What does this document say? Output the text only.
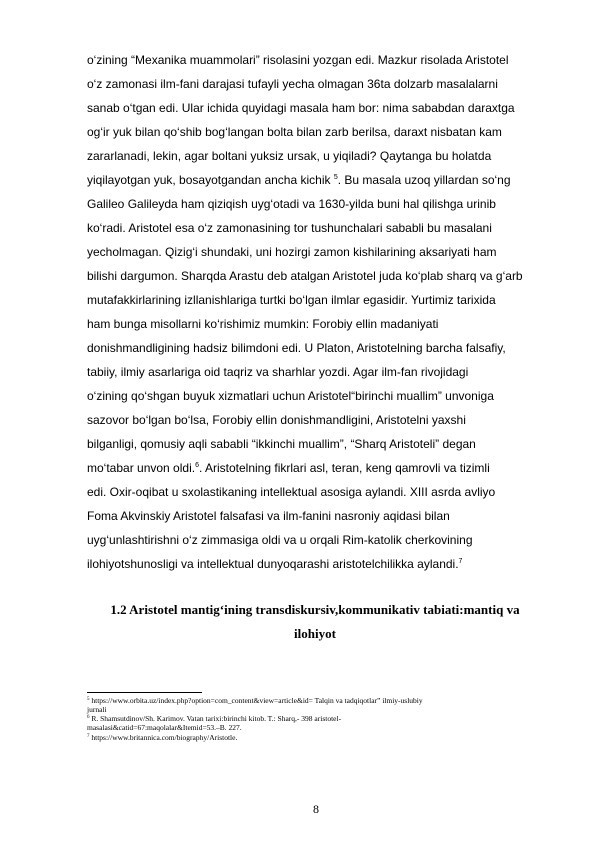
o‘zining “Mexanika muammolari” risolasini yozgan edi. Mazkur risolada Aristotel
o‘z zamonasi ilm-fani darajasi tufayli yecha olmagan 36ta dolzarb masalalarni
sanab o‘tgan edi. Ular ichida quyidagi masala ham bor: nima sababdan daraxtga
og‘ir yuk bilan qo‘shib bog‘langan bolta bilan zarb berilsa, daraxt nisbatan kam
zararlanadi, lekin, agar boltani yuksiz ursak, u yiqiladi? Qaytanga bu holatda
yiqilayotgan yuk, bosayotgandan ancha kichik $^5$. Bu masala uzoq yillardan so‘ng
Galileo Galileyda ham qiziqish uyg‘otadi va 1630-yilda buni hal qilishga urinib
ko‘radi. Aristotel esa o‘z zamonasining tor tushunchalari sababli bu masalani
yecholmagan. Qizig‘i shundaki, uni hozirgi zamon kishilarining aksariyati ham
bilishi dargumon. Sharqda Arastu deb atalgan Aristotel juda ko‘plab sharq va g‘arb
mutafakkirlarining izllanishlariga turtki bo‘lgan ilmlar egasidir. Yurtimiz tarixida
ham bunga misollarni ko‘rishimiz mumkin: Forobiy ellin madaniyati
donishmandligining hadsiz bilimdoni edi. U Platon, Aristotelning barcha falsafiy,
tabiiy, ilmiy asarlariga oid taqriz va sharhlar yozdi. Agar ilm-fan rivojidagi
o‘zining qo‘shgan buyuk xizmatlari uchun Aristotel“birinchi muallim” unvoniga
sazovor bo‘lgan bo‘lsa, Forobiy ellin donishmandligini, Aristotelni yaxshi
bilganligi, qomusiy aqli sababli “ikkinchi muallim”, “Sharq Aristoteli” degan
mo‘tabar unvon oldi.$^6$. Aristotelning fikrlari asl, teran, keng qamrovli va tizimli
edi. Oxir-oqibat u sxolastikaning intellektual asosiga aylandi. XIII asrda avliyo
Foma Akvinskiy Aristotel falsafasi va ilm-fanini nasroniy aqidasi bilan
uyg‘unlashtirishni o‘z zimmasiga oldi va u orqali Rim-katolik cherkovining
ilohiyotshunosligi va intellektual dunyoqarashi aristotelchilikka aylandi.$^7$
1.2 Aristotel mantig‘ining transdiskursiv,kommunikativ tabiati:mantiq va
ilohiyot
$^5$ https://www.orbita.uz/index.php?option=com_content&view=article&id= Talqin va tadqiqotlar” ilmiy-uslubiy
jurnali
$^6$ R. Shamsutdinov/Sh. Karimov. Vatan tarixi:birinchi kitob. T.: Sharq,- 398 aristotel-
masalasi&catid=67:maqolalar&Itemid=53.–B. 227.
$^7$ https://www.britannica.com/biography/Aristotle.
8
